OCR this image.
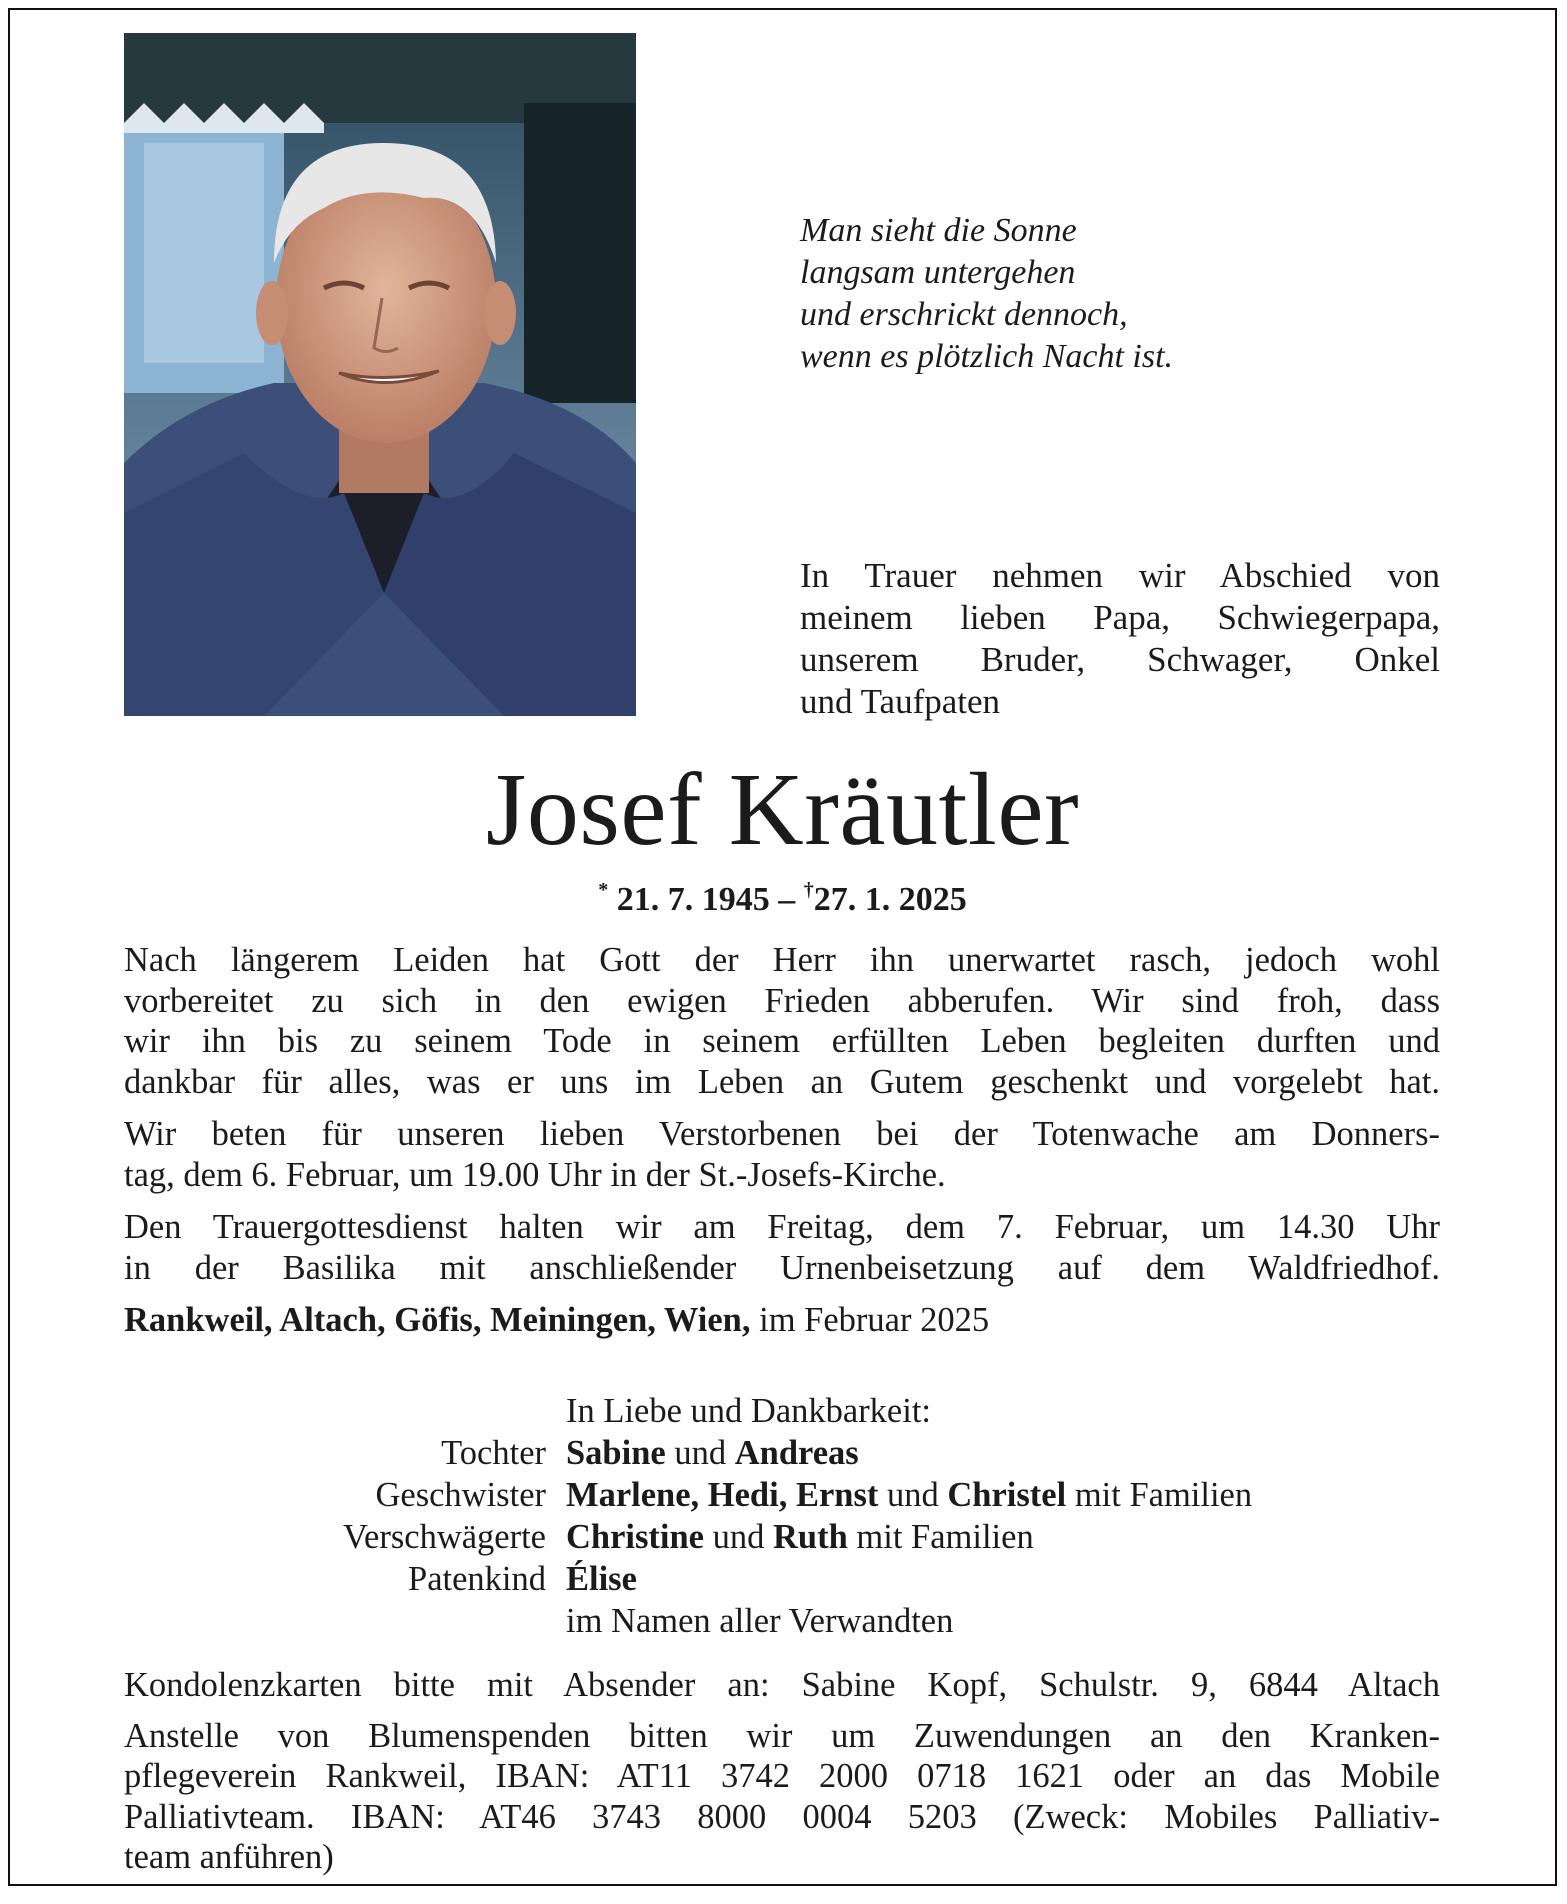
Man sieht die Sonne
langsam untergehen
und erschrickt dennoch,
wenn es plötzlich Nacht ist.
In Trauer nehmen wir Abschied von
meinem lieben Papa, Schwiegerpapa,
unserem Bruder, Schwager, Onkel
und Taufpaten
Josef Kräutler
* 21. 7. 1945 – †27. 1. 2025

Nach längerem Leiden hat Gott der Herr ihn unerwartet rasch, jedoch wohl
vorbereitet zu sich in den ewigen Frieden abberufen. Wir sind froh, dass
wir ihn bis zu seinem Tode in seinem erfüllten Leben begleiten durften und
dankbar für alles, was er uns im Leben an Gutem geschenkt und vorgelebt hat.

Wir beten für unseren lieben Verstorbenen bei der Totenwache am Donners-
tag, dem 6. Februar, um 19.00 Uhr in der St.-Josefs-Kirche.

Den Trauergottesdienst halten wir am Freitag, dem 7. Februar, um 14.30 Uhr
in der Basilika mit anschließender Urnenbeisetzung auf dem Waldfriedhof.

Rankweil, Altach, Göfis, Meiningen, Wien, im Februar 2025

In Liebe und Dankbarkeit:
Tochter Sabine und Andreas
Geschwister Marlene, Hedi, Ernst und Christel mit Familien
Verschwägerte Christine und Ruth mit Familien
Patenkind Élise
im Namen aller Verwandten

Kondolenzkarten bitte mit Absender an: Sabine Kopf, Schulstr. 9, 6844 Altach

Anstelle von Blumenspenden bitten wir um Zuwendungen an den Kranken-
pflegeverein Rankweil, IBAN: AT11 3742 2000 0718 1621 oder an das Mobile
Palliativteam. IBAN: AT46 3743 8000 0004 5203 (Zweck: Mobiles Palliativ-
team anführen)
